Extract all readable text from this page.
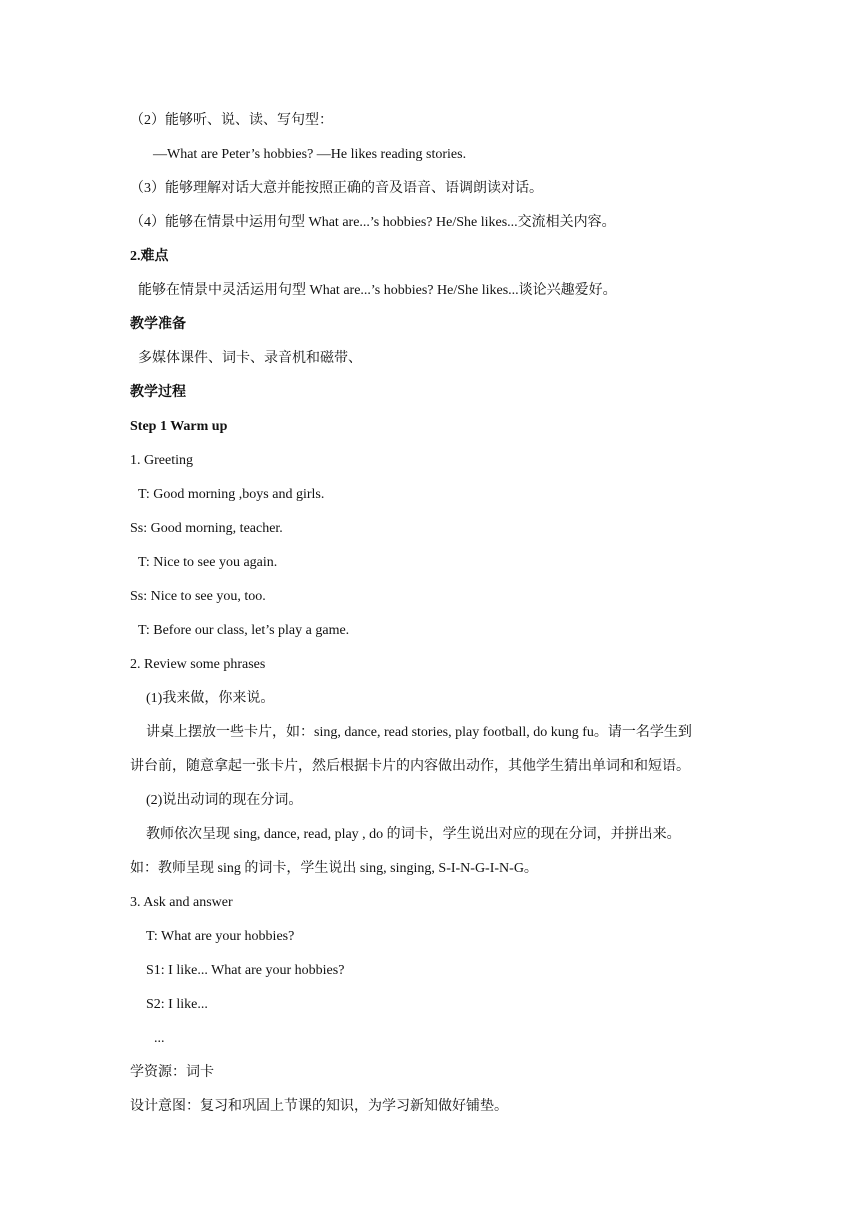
（2）能够听、说、读、写句型：
—What are Peter’s hobbies? —He likes reading stories.
（3）能够理解对话大意并能按照正确的音及语音、语调朗读对话。
（4）能够在情景中运用句型 What are...’s hobbies? He/She likes...交流相关内容。
2.难点
能够在情景中灵活运用句型 What are...’s hobbies? He/She likes...谈论兴趣爱好。
教学准备
多媒体课件、词卡、录音机和磁带、
教学过程
Step 1 Warm up
1. Greeting
T: Good morning ,boys and girls.
Ss: Good morning, teacher.
T: Nice to see you again.
Ss: Nice to see you, too.
T: Before our class, let’s play a game.
2. Review some phrases
(1)我来做，你来说。
讲桌上摆放一些卡片，如：sing, dance, read stories, play football, do kung fu。请一名学生到
讲台前，随意拿起一张卡片，然后根据卡片的内容做出动作，其他学生猜出单词和和短语。
(2)说出动词的现在分词。
教师依次呈现 sing, dance, read, play , do 的词卡，学生说出对应的现在分词，并拼出来。
如：教师呈现 sing 的词卡，学生说出 sing, singing, S-I-N-G-I-N-G。
3. Ask and answer
T: What are your hobbies?
S1: I like... What are your hobbies?
S2: I like...
...
学资源：词卡
设计意图：复习和巩固上节课的知识，为学习新知做好铺垫。
